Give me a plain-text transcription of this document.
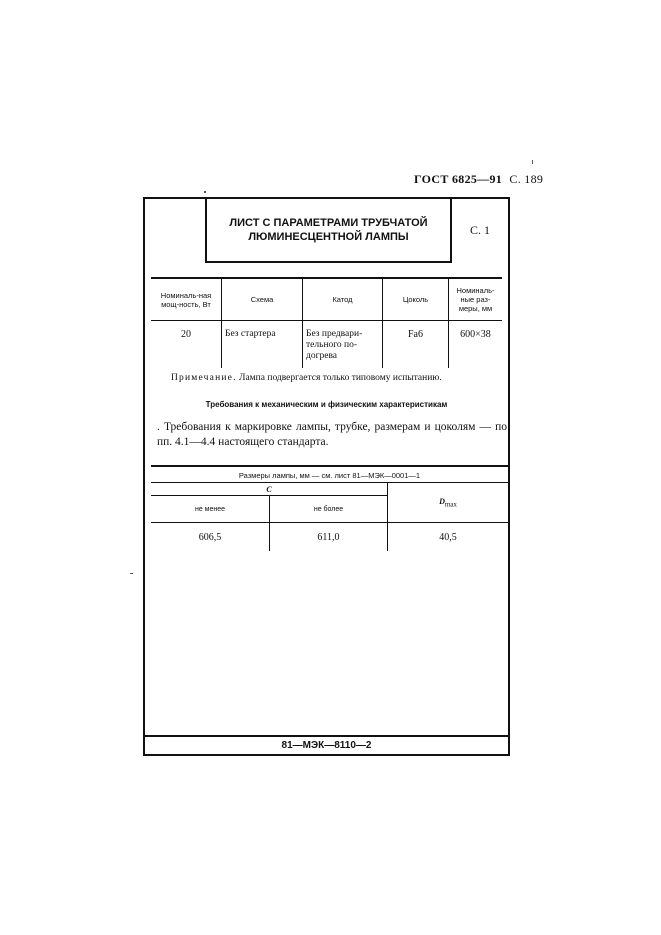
ГОСТ 6825—91 С. 189
ЛИСТ С ПАРАМЕТРАМИ ТРУБЧАТОЙ
ЛЮМИНЕСЦЕНТНОЙ ЛАМПЫ
С. 1
Номиналь-ная мощ-ность, Вт	Схема	Катод	Цоколь	Номиналь-ные раз-меры, мм
20	Без стартера	Без предвари-тельного по-догрева	Fa6	600×38
Примечание. Лампа подвергается только типовому испытанию.
Требования к механическим и физическим характеристикам
. Требования к маркировке лампы, трубке, размерам и цоколям — по пп. 4.1—4.4 настоящего стандарта.
Размеры лампы, мм — см. лист 81—МЭК—0001—1		
C		$D_{max}$
не менее	не более	
606,5	611,0	40,5
81—МЭК—8110—2
